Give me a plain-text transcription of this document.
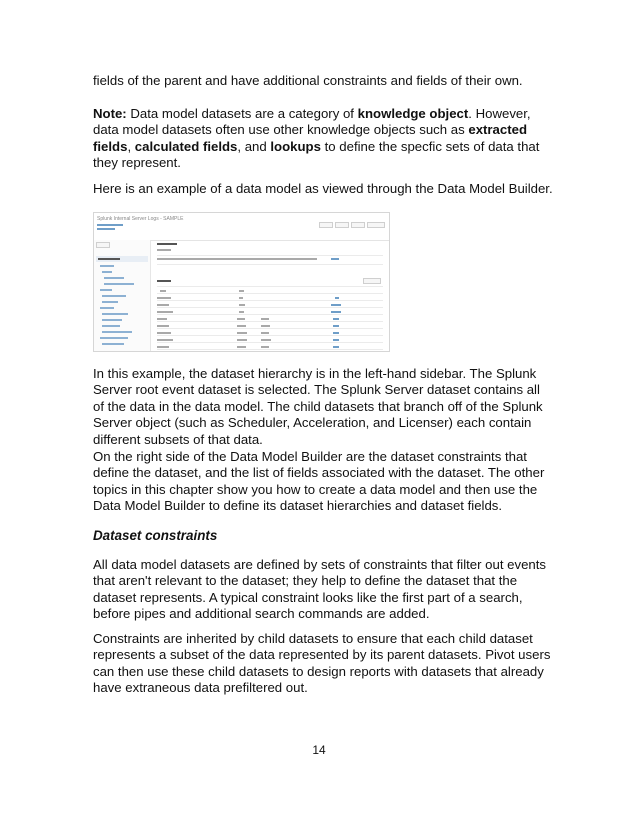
fields of the parent and have additional constraints and fields of their own.

Note: Data model datasets are a category of knowledge object. However, data model datasets often use other knowledge objects such as extracted fields, calculated fields, and lookups to define the specfic sets of data that they represent.

Here is an example of a data model as viewed through the Data Model Builder.

Splunk Internal Server Logs - SAMPLE

In this example, the dataset hierarchy is in the left-hand sidebar. The Splunk Server root event dataset is selected. The Splunk Server dataset contains all of the data in the data model. The child datasets that branch off of the Splunk Server object (such as Scheduler, Acceleration, and Licenser) each contain different subsets of that data.

On the right side of the Data Model Builder are the dataset constraints that define the dataset, and the list of fields associated with the dataset. The other topics in this chapter show you how to create a data model and then use the Data Model Builder to define its dataset hierarchies and dataset fields.

Dataset constraints

All data model datasets are defined by sets of constraints that filter out events that aren't relevant to the dataset; they help to define the dataset that the dataset represents. A typical constraint looks like the first part of a search, before pipes and additional search commands are added.

Constraints are inherited by child datasets to ensure that each child dataset represents a subset of the data represented by its parent datasets. Pivot users can then use these child datasets to design reports with datasets that already have extraneous data prefiltered out.

14
